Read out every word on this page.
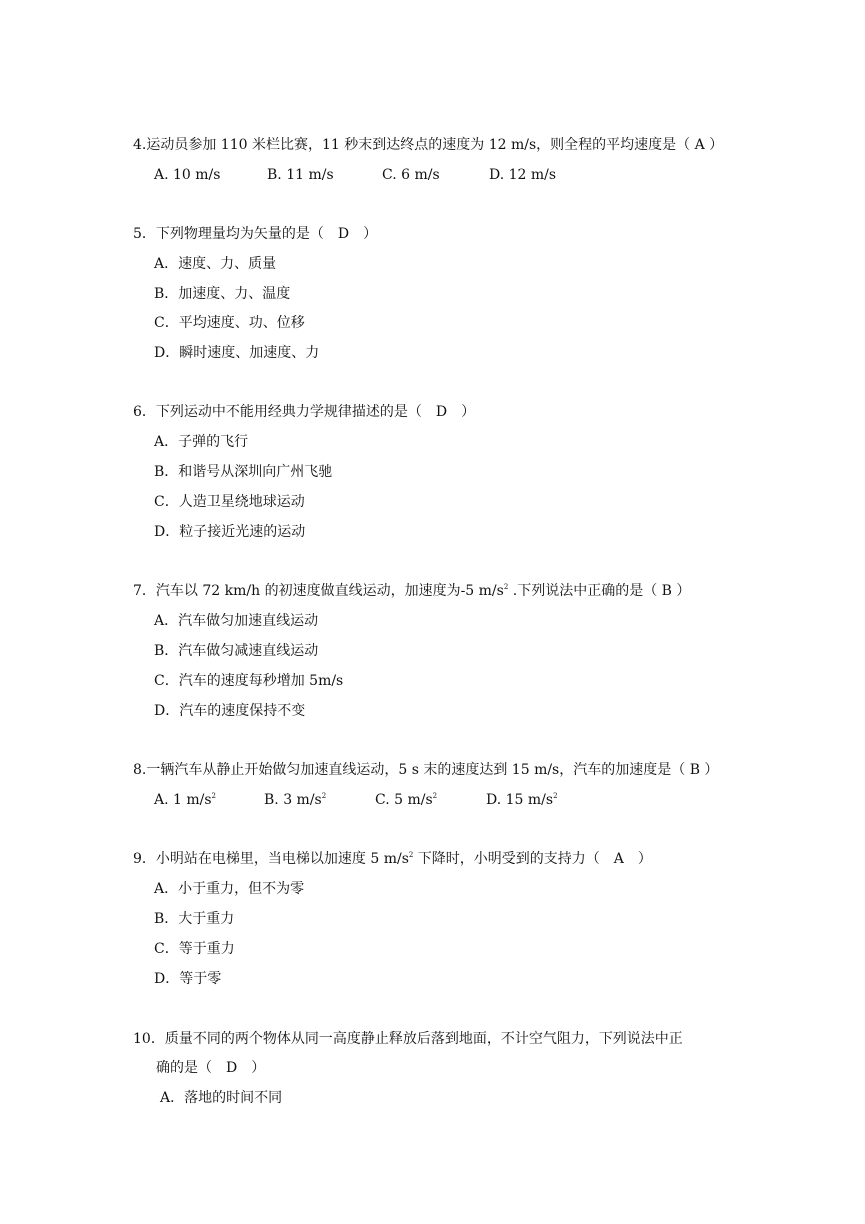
4.运动员参加 110 米栏比赛，11 秒末到达终点的速度为 12 m/s，则全程的平均速度是（ A ）
A. 10 m/s	B. 11 m/s	C. 6 m/s	D. 12 m/s
5．下列物理量均为矢量的是（　D　）
A．速度、力、质量
B．加速度、力、温度
C．平均速度、功、位移
D．瞬时速度、加速度、力
6．下列运动中不能用经典力学规律描述的是（　D　）
A．子弹的飞行
B．和谐号从深圳向广州飞驰
C．人造卫星绕地球运动
D．粒子接近光速的运动
7．汽车以 72 km/h 的初速度做直线运动，加速度为-5 $m/s^2$ .下列说法中正确的是（ B ）
A．汽车做匀加速直线运动
B．汽车做匀减速直线运动
C．汽车的速度每秒增加 5m/s
D．汽车的速度保持不变
8.一辆汽车从静止开始做匀加速直线运动，5 s 末的速度达到 15 m/s，汽车的加速度是（ B ）
A. 1 $m/s^2$	B. 3 $m/s^2$	C. 5 $m/s^2$	D. 15 $m/s^2$
9．小明站在电梯里，当电梯以加速度 5 $m/s^2$ 下降时，小明受到的支持力（　A　）
A．小于重力，但不为零
B．大于重力
C．等于重力
D．等于零
10．质量不同的两个物体从同一高度静止释放后落到地面，不计空气阻力，下列说法中正
确的是（　D　）
A．落地的时间不同
